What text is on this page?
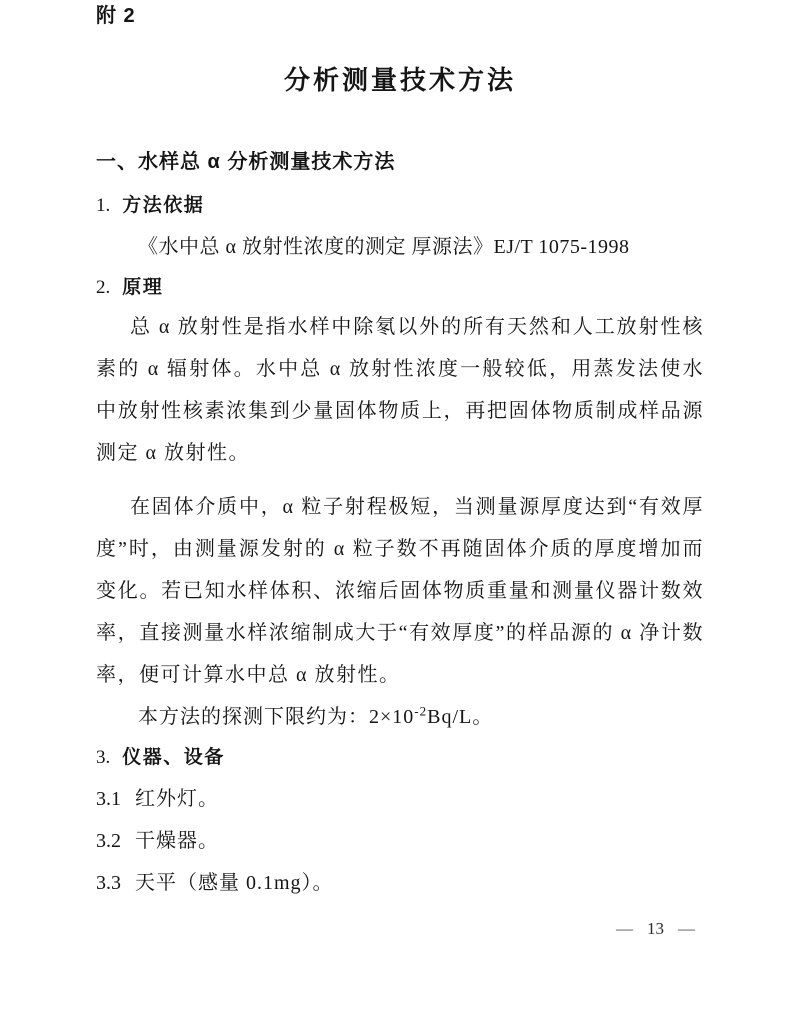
附 2
分析测量技术方法
一、水样总 α 分析测量技术方法
1. 方法依据
《水中总 α 放射性浓度的测定 厚源法》EJ/T 1075-1998
2. 原理
总 α 放射性是指水样中除氡以外的所有天然和人工放射性核素的 α 辐射体。水中总 α 放射性浓度一般较低，用蒸发法使水中放射性核素浓集到少量固体物质上，再把固体物质制成样品源测定 α 放射性。
在固体介质中，α 粒子射程极短，当测量源厚度达到“有效厚度”时，由测量源发射的 α 粒子数不再随固体介质的厚度增加而变化。若已知水样体积、浓缩后固体物质重量和测量仪器计数效率，直接测量水样浓缩制成大于“有效厚度”的样品源的 α 净计数率，便可计算水中总 α 放射性。
本方法的探测下限约为：$2\times 10^{-2}Bq/L$。
3. 仪器、设备
3.1 红外灯。
3.2 干燥器。
3.3 天平（感量 0.1mg）。
— 13 —
